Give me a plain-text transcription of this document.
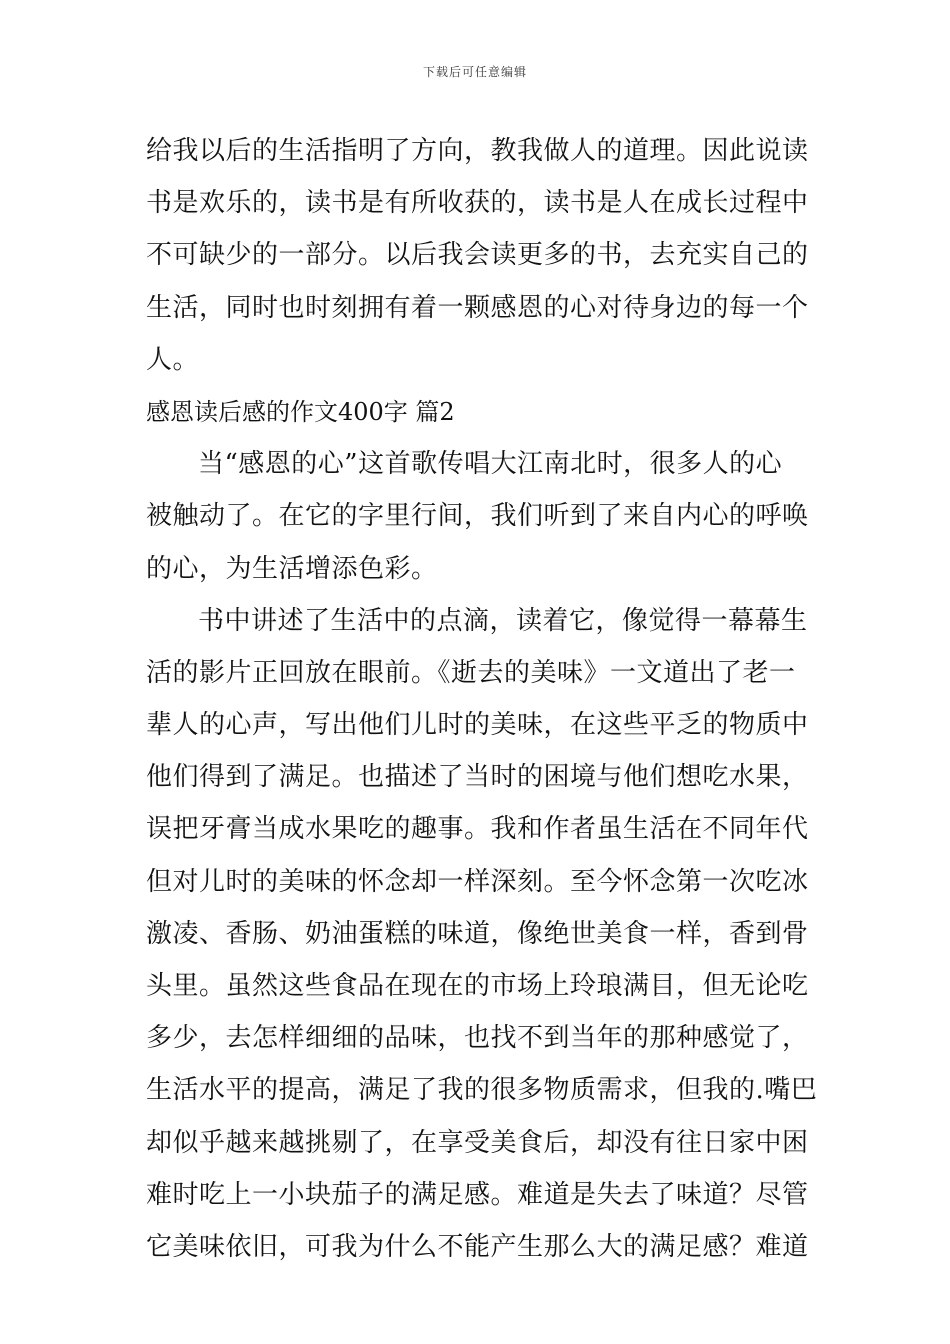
下载后可任意编辑
给我以后的生活指明了方向，教我做人的道理。因此说读
书是欢乐的，读书是有所收获的，读书是人在成长过程中
不可缺少的一部分。以后我会读更多的书，去充实自己的
生活，同时也时刻拥有着一颗感恩的心对待身边的每一个
人。
感恩读后感的作文400字 篇2
当“感恩的心”这首歌传唱大江南北时，很多人的心
被触动了。在它的字里行间，我们听到了来自内心的呼唤
的心，为生活增添色彩。
书中讲述了生活中的点滴，读着它，像觉得一幕幕生
活的影片正回放在眼前。《逝去的美味》一文道出了老一
辈人的心声，写出他们儿时的美味，在这些平乏的物质中
他们得到了满足。也描述了当时的困境与他们想吃水果，
误把牙膏当成水果吃的趣事。我和作者虽生活在不同年代
但对儿时的美味的怀念却一样深刻。至今怀念第一次吃冰
激凌、香肠、奶油蛋糕的味道，像绝世美食一样，香到骨
头里。虽然这些食品在现在的市场上玲琅满目，但无论吃
多少，去怎样细细的品味，也找不到当年的那种感觉了，
生活水平的提高，满足了我的很多物质需求，但我的.嘴巴
却似乎越来越挑剔了，在享受美食后，却没有往日家中困
难时吃上一小块茄子的满足感。难道是失去了味道？尽管
它美味依旧，可我为什么不能产生那么大的满足感？难道
